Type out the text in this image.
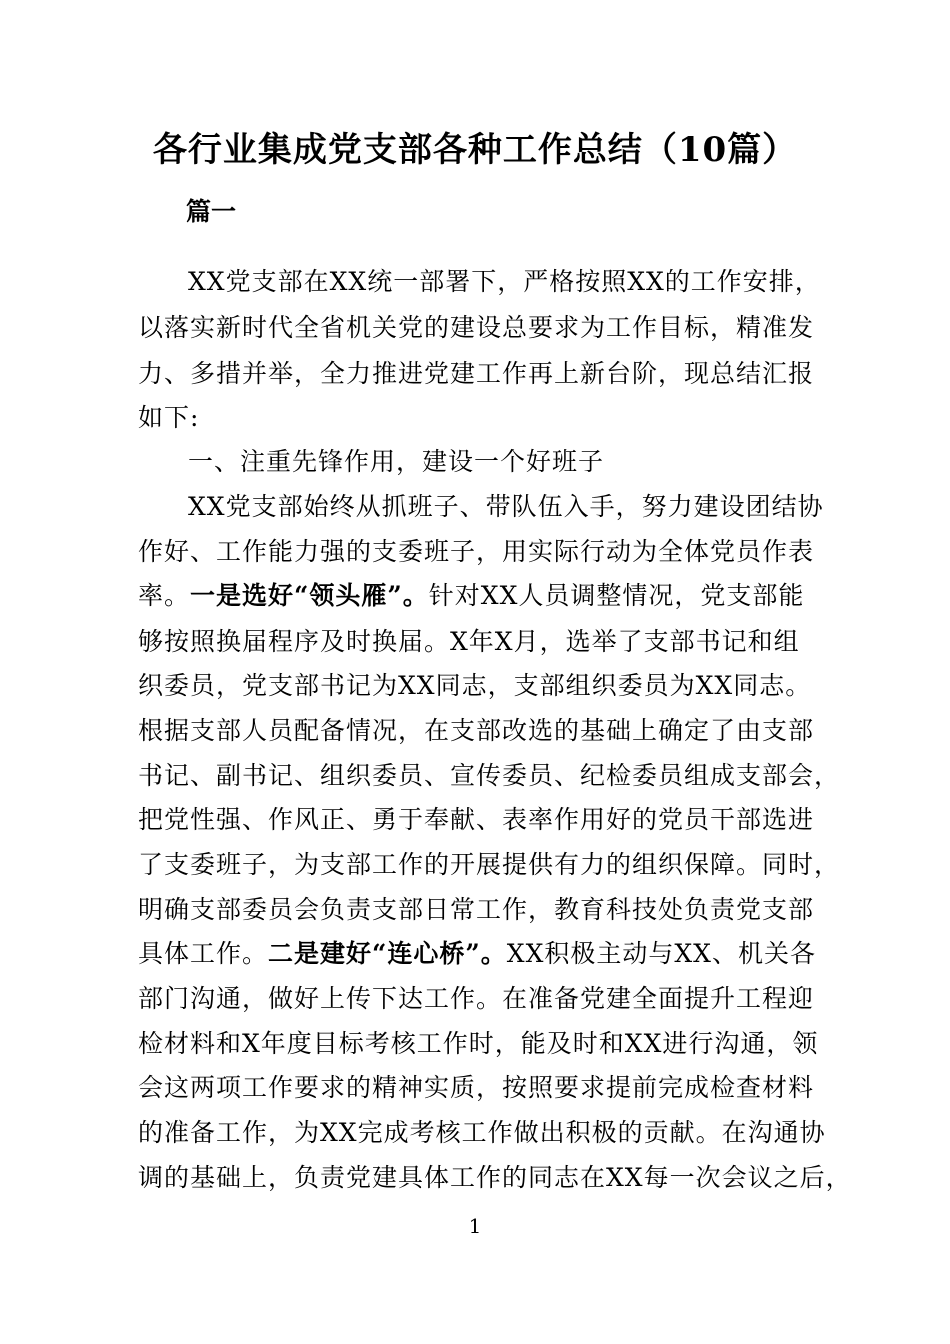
各行业集成党支部各种工作总结（10篇）
篇一
XX党支部在XX统一部署下，严格按照XX的工作安排，
以落实新时代全省机关党的建设总要求为工作目标，精准发
力、多措并举，全力推进党建工作再上新台阶，现总结汇报
如下:
一、注重先锋作用，建设一个好班子
XX党支部始终从抓班子、带队伍入手，努力建设团结协
作好、工作能力强的支委班子，用实际行动为全体党员作表
率。一是选好“领头雁”。针对XX人员调整情况，党支部能
够按照换届程序及时换届。X年X月，选举了支部书记和组
织委员，党支部书记为XX同志，支部组织委员为XX同志。
根据支部人员配备情况，在支部改选的基础上确定了由支部
书记、副书记、组织委员、宣传委员、纪检委员组成支部会，
把党性强、作风正、勇于奉献、表率作用好的党员干部选进
了支委班子，为支部工作的开展提供有力的组织保障。同时，
明确支部委员会负责支部日常工作，教育科技处负责党支部
具体工作。二是建好“连心桥”。XX积极主动与XX、机关各
部门沟通，做好上传下达工作。在准备党建全面提升工程迎
检材料和X年度目标考核工作时，能及时和XX进行沟通，领
会这两项工作要求的精神实质，按照要求提前完成检查材料
的准备工作，为XX完成考核工作做出积极的贡献。在沟通协
调的基础上，负责党建具体工作的同志在XX每一次会议之后，
1
